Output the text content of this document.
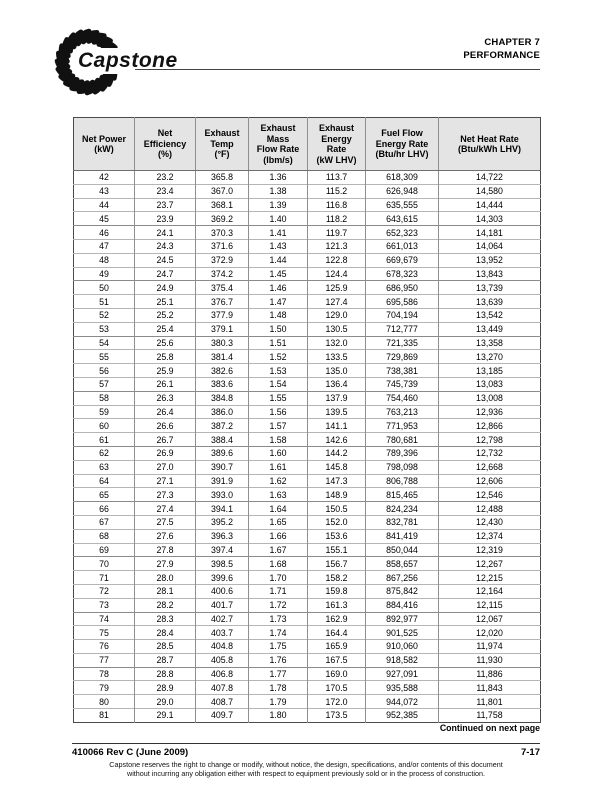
Capstone
CHAPTER 7
PERFORMANCE
Net Power
(kW)	Net
Efficiency
(%)	Exhaust
Temp
(°F)	Exhaust
Mass
Flow Rate
(lbm/s)	Exhaust
Energy
Rate
(kW LHV)	Fuel Flow
Energy Rate
(Btu/hr LHV)	Net Heat Rate
(Btu/kWh LHV)
42	23.2	365.8	1.36	113.7	618,309	14,722
43	23.4	367.0	1.38	115.2	626,948	14,580
44	23.7	368.1	1.39	116.8	635,555	14,444
45	23.9	369.2	1.40	118.2	643,615	14,303
46	24.1	370.3	1.41	119.7	652,323	14,181
47	24.3	371.6	1.43	121.3	661,013	14,064
48	24.5	372.9	1.44	122.8	669,679	13,952
49	24.7	374.2	1.45	124.4	678,323	13,843
50	24.9	375.4	1.46	125.9	686,950	13,739
51	25.1	376.7	1.47	127.4	695,586	13,639
52	25.2	377.9	1.48	129.0	704,194	13,542
53	25.4	379.1	1.50	130.5	712,777	13,449
54	25.6	380.3	1.51	132.0	721,335	13,358
55	25.8	381.4	1.52	133.5	729,869	13,270
56	25.9	382.6	1.53	135.0	738,381	13,185
57	26.1	383.6	1.54	136.4	745,739	13,083
58	26.3	384.8	1.55	137.9	754,460	13,008
59	26.4	386.0	1.56	139.5	763,213	12,936
60	26.6	387.2	1.57	141.1	771,953	12,866
61	26.7	388.4	1.58	142.6	780,681	12,798
62	26.9	389.6	1.60	144.2	789,396	12,732
63	27.0	390.7	1.61	145.8	798,098	12,668
64	27.1	391.9	1.62	147.3	806,788	12,606
65	27.3	393.0	1.63	148.9	815,465	12,546
66	27.4	394.1	1.64	150.5	824,234	12,488
67	27.5	395.2	1.65	152.0	832,781	12,430
68	27.6	396.3	1.66	153.6	841,419	12,374
69	27.8	397.4	1.67	155.1	850,044	12,319
70	27.9	398.5	1.68	156.7	858,657	12,267
71	28.0	399.6	1.70	158.2	867,256	12,215
72	28.1	400.6	1.71	159.8	875,842	12,164
73	28.2	401.7	1.72	161.3	884,416	12,115
74	28.3	402.7	1.73	162.9	892,977	12,067
75	28.4	403.7	1.74	164.4	901,525	12,020
76	28.5	404.8	1.75	165.9	910,060	11,974
77	28.7	405.8	1.76	167.5	918,582	11,930
78	28.8	406.8	1.77	169.0	927,091	11,886
79	28.9	407.8	1.78	170.5	935,588	11,843
80	29.0	408.7	1.79	172.0	944,072	11,801
81	29.1	409.7	1.80	173.5	952,385	11,758
Continued on next page
410066 Rev C (June 2009)	7-17
Capstone reserves the right to change or modify, without notice, the design, specifications, and/or contents of this document
without incurring any obligation either with respect to equipment previously sold or in the process of construction.
